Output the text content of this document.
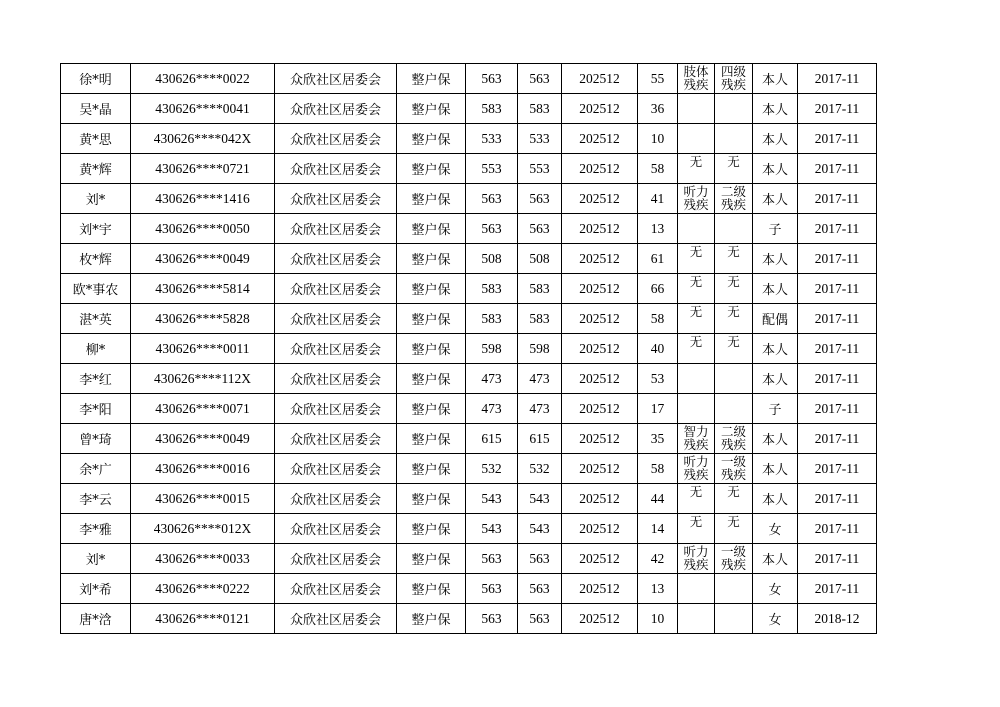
徐*明	430626****0022	众欣社区居委会	整户保	563	563	202512	55	肢体残疾	四级残疾	本人	2017-11
吴*晶	430626****0041	众欣社区居委会	整户保	583	583	202512	36			本人	2017-11
黄*思	430626****042X	众欣社区居委会	整户保	533	533	202512	10			本人	2017-11
黄*辉	430626****0721	众欣社区居委会	整户保	553	553	202512	58	无	无	本人	2017-11
刘*	430626****1416	众欣社区居委会	整户保	563	563	202512	41	听力残疾	二级残疾	本人	2017-11
刘*宇	430626****0050	众欣社区居委会	整户保	563	563	202512	13			子	2017-11
枚*辉	430626****0049	众欣社区居委会	整户保	508	508	202512	61	无	无	本人	2017-11
欧*事农	430626****5814	众欣社区居委会	整户保	583	583	202512	66	无	无	本人	2017-11
湛*英	430626****5828	众欣社区居委会	整户保	583	583	202512	58	无	无	配偶	2017-11
柳*	430626****0011	众欣社区居委会	整户保	598	598	202512	40	无	无	本人	2017-11
李*红	430626****112X	众欣社区居委会	整户保	473	473	202512	53			本人	2017-11
李*阳	430626****0071	众欣社区居委会	整户保	473	473	202512	17			子	2017-11
曾*琦	430626****0049	众欣社区居委会	整户保	615	615	202512	35	智力残疾	二级残疾	本人	2017-11
余*广	430626****0016	众欣社区居委会	整户保	532	532	202512	58	听力残疾	一级残疾	本人	2017-11
李*云	430626****0015	众欣社区居委会	整户保	543	543	202512	44	无	无	本人	2017-11
李*雅	430626****012X	众欣社区居委会	整户保	543	543	202512	14	无	无	女	2017-11
刘*	430626****0033	众欣社区居委会	整户保	563	563	202512	42	听力残疾	一级残疾	本人	2017-11
刘*希	430626****0222	众欣社区居委会	整户保	563	563	202512	13			女	2017-11
唐*浛	430626****0121	众欣社区居委会	整户保	563	563	202512	10			女	2018-12
